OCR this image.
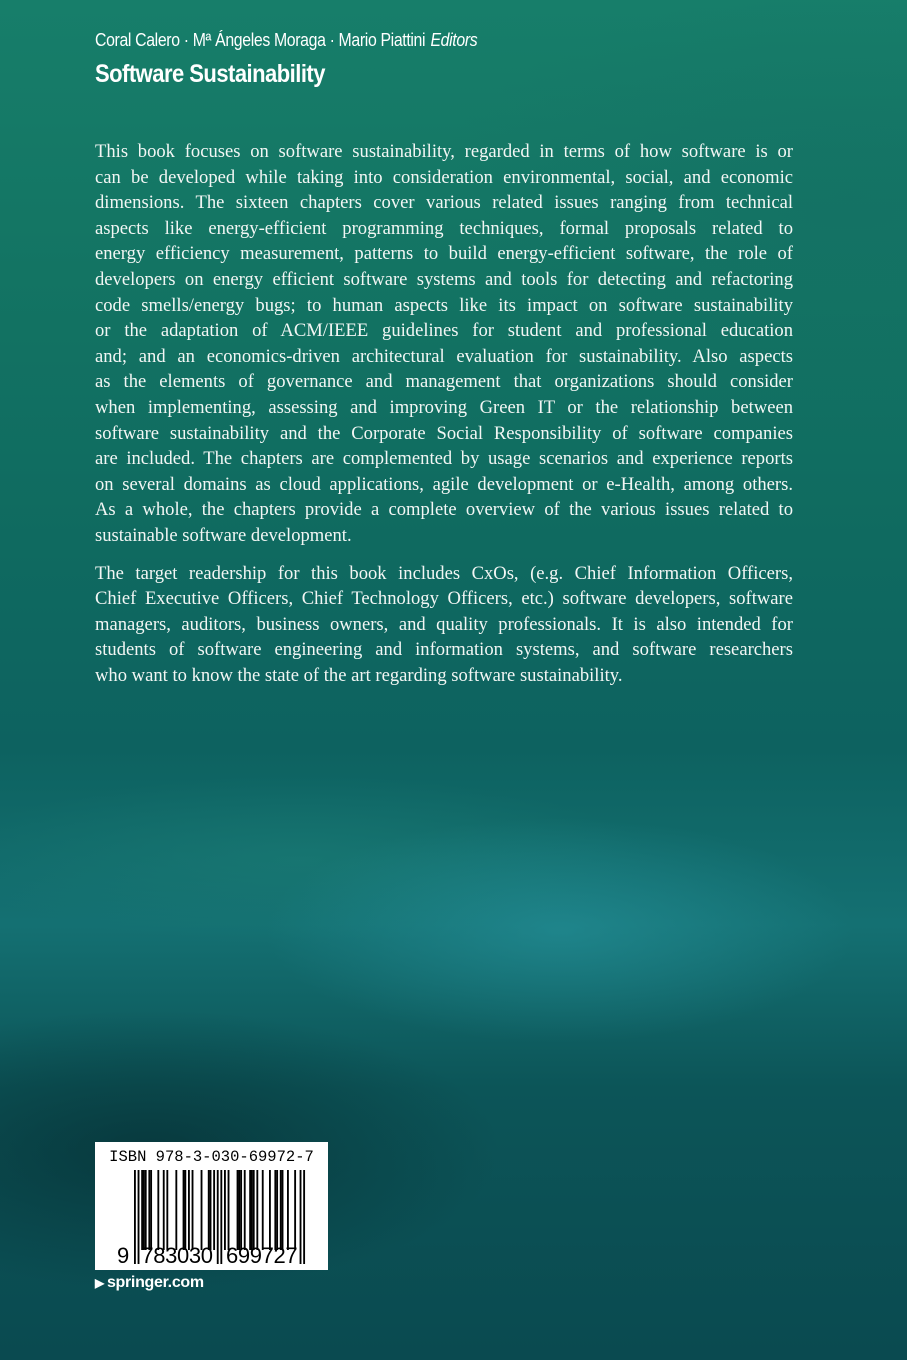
Coral Calero · Mª Ángeles Moraga · Mario Piattini Editors
Software Sustainability
This book focuses on software sustainability, regarded in terms of how software is or
can be developed while taking into consideration environmental, social, and economic
dimensions. The sixteen chapters cover various related issues ranging from technical
aspects like energy-efficient programming techniques, formal proposals related to
energy efficiency measurement, patterns to build energy-efficient software, the role of
developers on energy efficient software systems and tools for detecting and refactoring
code smells/energy bugs; to human aspects like its impact on software sustainability
or the adaptation of ACM/IEEE guidelines for student and professional education
and; and an economics-driven architectural evaluation for sustainability. Also aspects
as the elements of governance and management that organizations should consider
when implementing, assessing and improving Green IT or the relationship between
software sustainability and the Corporate Social Responsibility of software companies
are included. The chapters are complemented by usage scenarios and experience reports
on several domains as cloud applications, agile development or e-Health, among others.
As a whole, the chapters provide a complete overview of the various issues related to
sustainable software development.
The target readership for this book includes CxOs, (e.g. Chief Information Officers,
Chief Executive Officers, Chief Technology Officers, etc.) software developers, software
managers, auditors, business owners, and quality professionals. It is also intended for
students of software engineering and information systems, and software researchers
who want to know the state of the art regarding software sustainability.
ISBN 978-3-030-69972-7
9 783030 699727
▶ springer.com
